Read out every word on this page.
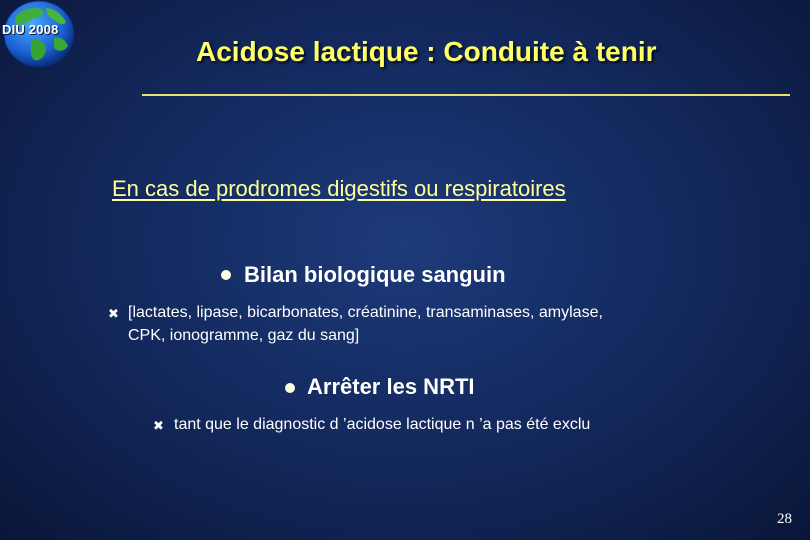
DIU 2008
Acidose lactique : Conduite à tenir
En cas de prodromes digestifs ou respiratoires
Bilan biologique sanguin
✖ [lactates, lipase, bicarbonates, créatinine, transaminases, amylase,
CPK, ionogramme, gaz du sang]
Arrêter les NRTI
✖ tant que le diagnostic d ’acidose lactique n ’a pas été exclu
28
